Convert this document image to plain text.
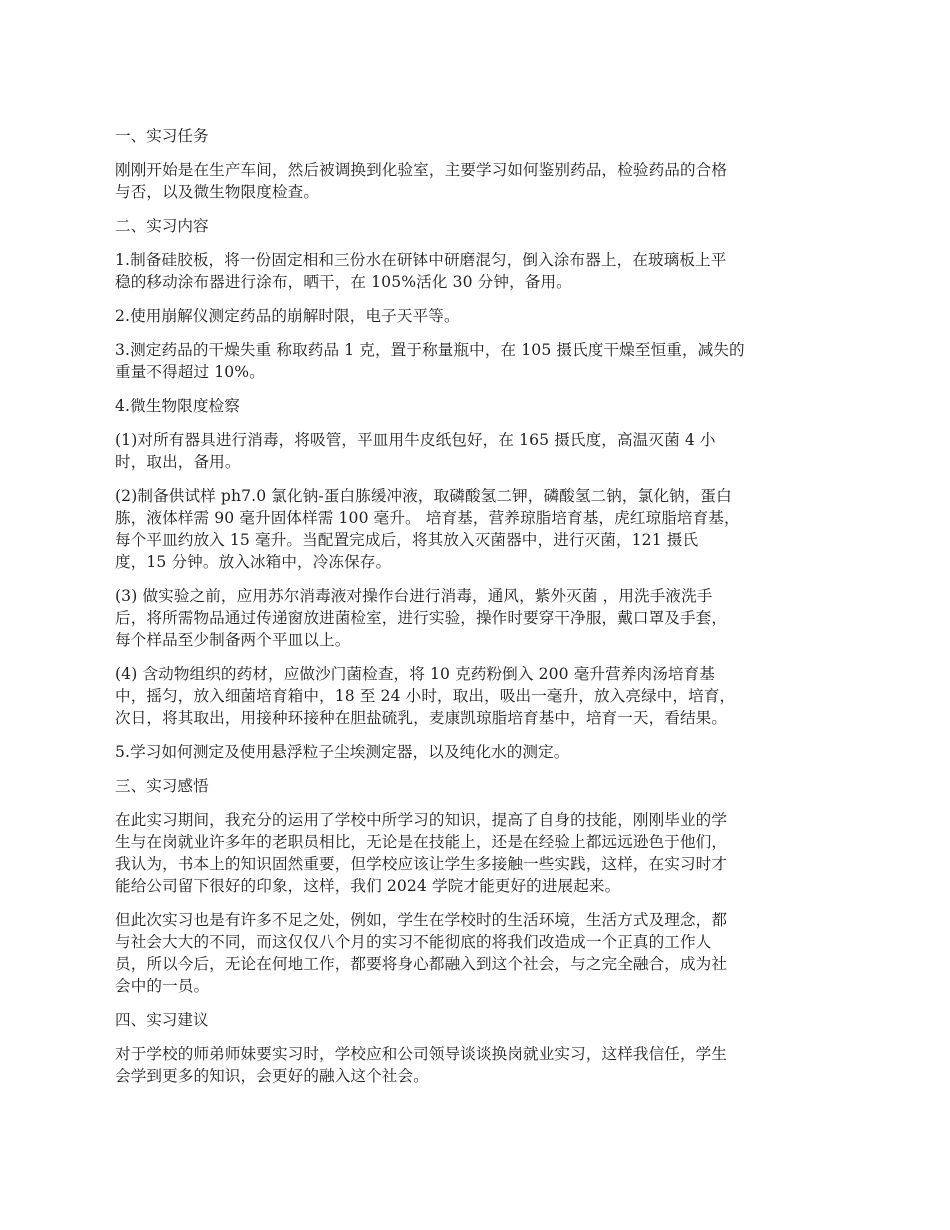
一、实习任务

刚刚开始是在生产车间，然后被调换到化验室，主要学习如何鉴别药品，检验药品的合格
与否，以及微生物限度检查。

二、实习内容

1.制备硅胶板，将一份固定相和三份水在研钵中研磨混匀，倒入涂布器上，在玻璃板上平
稳的移动涂布器进行涂布，晒干，在 105%活化 30 分钟，备用。

2.使用崩解仪测定药品的崩解时限，电子天平等。

3.测定药品的干燥失重 称取药品 1 克，置于称量瓶中，在 105 摄氏度干燥至恒重，减失的
重量不得超过 10%。

4.微生物限度检察

(1)对所有器具进行消毒，将吸管，平皿用牛皮纸包好，在 165 摄氏度，高温灭菌 4 小
时，取出，备用。

(2)制备供试样 ph7.0 氯化钠-蛋白胨缓冲液，取磷酸氢二钾，磷酸氢二钠，氯化钠，蛋白
胨，液体样需 90 毫升固体样需 100 毫升。 培育基，营养琼脂培育基，虎红琼脂培育基，
每个平皿约放入 15 毫升。当配置完成后，将其放入灭菌器中，进行灭菌，121 摄氏
度，15 分钟。放入冰箱中，冷冻保存。

(3) 做实验之前，应用苏尔消毒液对操作台进行消毒，通风，紫外灭菌 ，用洗手液洗手
后，将所需物品通过传递窗放进菌检室，进行实验，操作时要穿干净服，戴口罩及手套，
每个样品至少制备两个平皿以上。

(4) 含动物组织的药材，应做沙门菌检查，将 10 克药粉倒入 200 毫升营养肉汤培育基
中，摇匀，放入细菌培育箱中，18 至 24 小时，取出，吸出一毫升，放入亮绿中，培育，
次日，将其取出，用接种环接种在胆盐硫乳，麦康凯琼脂培育基中，培育一天，看结果。

5.学习如何测定及使用悬浮粒子尘埃测定器，以及纯化水的测定。

三、实习感悟

在此实习期间，我充分的运用了学校中所学习的知识，提高了自身的技能，刚刚毕业的学
生与在岗就业许多年的老职员相比，无论是在技能上，还是在经验上都远远逊色于他们，
我认为，书本上的知识固然重要，但学校应该让学生多接触一些实践，这样，在实习时才
能给公司留下很好的印象，这样，我们 2024 学院才能更好的进展起来。

但此次实习也是有许多不足之处，例如，学生在学校时的生活环境，生活方式及理念，都
与社会大大的不同，而这仅仅八个月的实习不能彻底的将我们改造成一个正真的工作人
员，所以今后，无论在何地工作，都要将身心都融入到这个社会，与之完全融合，成为社
会中的一员。

四、实习建议

对于学校的师弟师妹要实习时，学校应和公司领导谈谈换岗就业实习，这样我信任，学生
会学到更多的知识，会更好的融入这个社会。
